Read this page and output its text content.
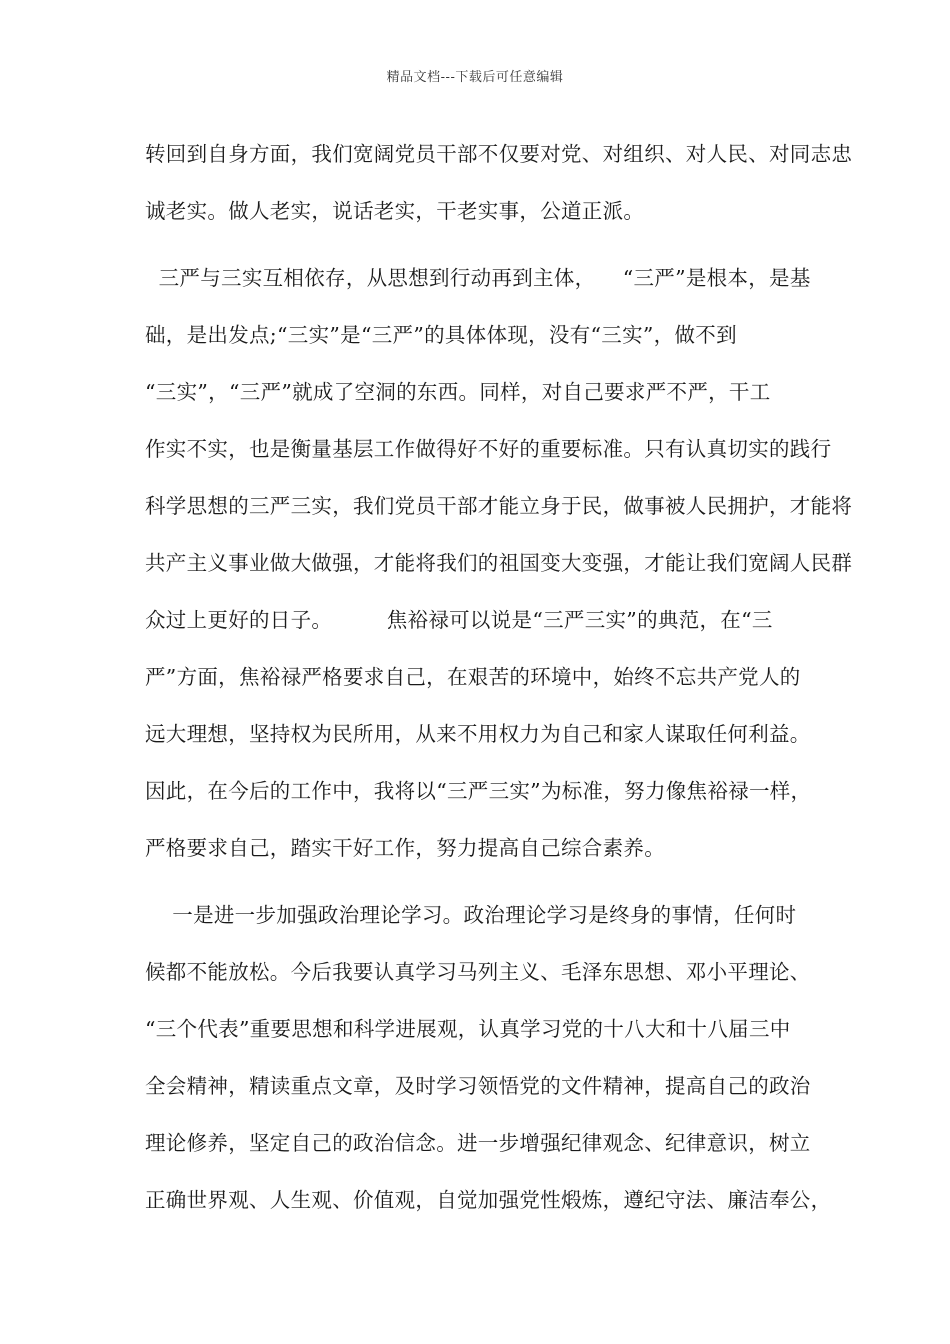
精品文档---下载后可任意编辑
转回到自身方面，我们宽阔党员干部不仅要对党、对组织、对人民、对同志忠
诚老实。做人老实，说话老实，干老实事，公道正派。
三严与三实互相依存，从思想到行动再到主体，    “三严”是根本，是基
础，是出发点;“三实”是“三严”的具体体现，没有“三实”，做不到
“三实”，“三严”就成了空洞的东西。同样，对自己要求严不严，干工
作实不实，也是衡量基层工作做得好不好的重要标准。只有认真切实的践行
科学思想的三严三实，我们党员干部才能立身于民，做事被人民拥护，才能将
共产主义事业做大做强，才能将我们的祖国变大变强，才能让我们宽阔人民群
众过上更好的日子。        焦裕禄可以说是“三严三实”的典范，在“三
严”方面，焦裕禄严格要求自己，在艰苦的环境中，始终不忘共产党人的
远大理想，坚持权为民所用，从来不用权力为自己和家人谋取任何利益。
因此，在今后的工作中，我将以“三严三实”为标准，努力像焦裕禄一样，
严格要求自己，踏实干好工作，努力提高自己综合素养。
一是进一步加强政治理论学习。政治理论学习是终身的事情，任何时
候都不能放松。今后我要认真学习马列主义、毛泽东思想、邓小平理论、
“三个代表”重要思想和科学进展观，认真学习党的十八大和十八届三中
全会精神，精读重点文章，及时学习领悟党的文件精神，提高自己的政治
理论修养，坚定自己的政治信念。进一步增强纪律观念、纪律意识，树立
正确世界观、人生观、价值观，自觉加强党性煅炼，遵纪守法、廉洁奉公，
